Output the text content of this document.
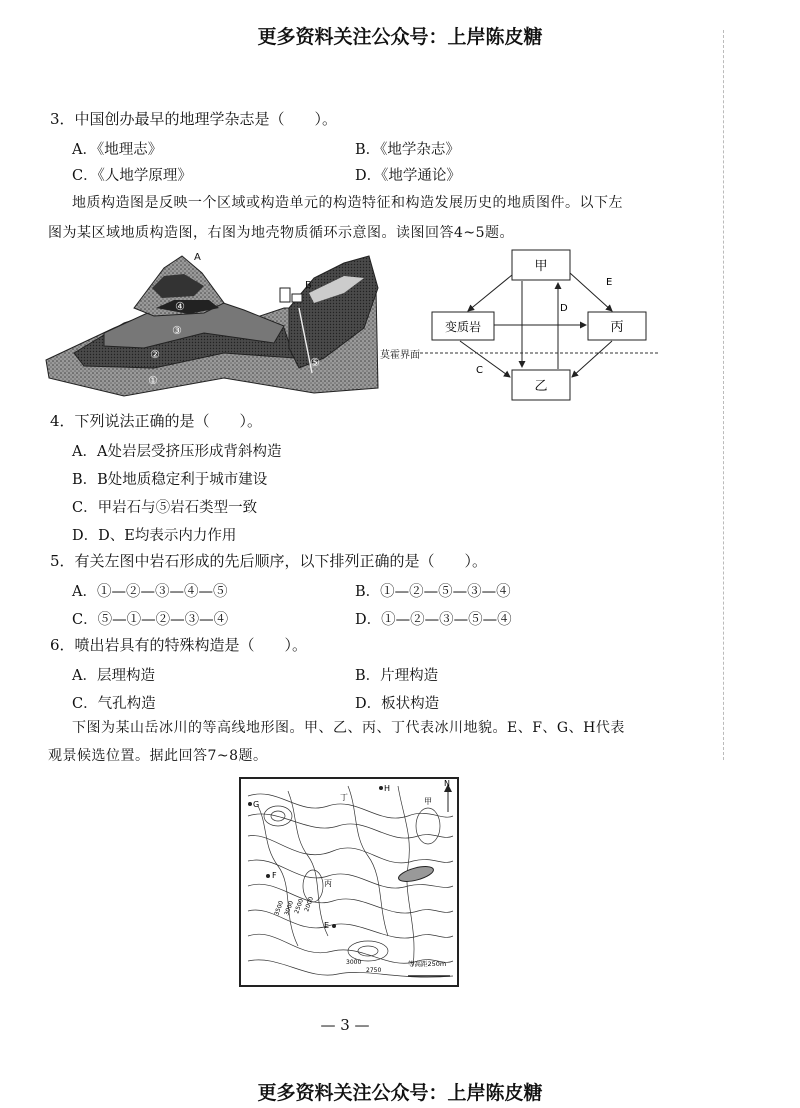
更多资料关注公众号：上岸陈皮糖
3．中国创办最早的地理学杂志是（　　）。
A．《地理志》	B．《地学杂志》
C．《人地学原理》	D．《地学通论》
地质构造图是反映一个区域或构造单元的构造特征和构造发展历史的地质图件。以下左
图为某区域地质构造图，右图为地壳物质循环示意图。读图回答4~5题。
A
B
④
③
②
①
⑤
甲
变质岩	丙
乙
D
E
C
莫霍界面
4．下列说法正确的是（　　）。
A．A处岩层受挤压形成背斜构造
B．B处地质稳定利于城市建设
C．甲岩石与⑤岩石类型一致
D．D、E均表示内力作用
5．有关左图中岩石形成的先后顺序，以下排列正确的是（　　）。
A．①—②—③—④—⑤	B．①—②—⑤—③—④
C．⑤—①—②—③—④	D．①—②—③—⑤—④
6．喷出岩具有的特殊构造是（　　）。
A．层理构造	B．片理构造
C．气孔构造	D．板状构造
下图为某山岳冰川的等高线地形图。甲、乙、丙、丁代表冰川地貌。E、F、G、H代表
观景候选位置。据此回答7~8题。
N
G
H
F
E
甲
丙
丁
3500
3000
2500
2000
3000
2750
等高距250m
— 3 —
更多资料关注公众号：上岸陈皮糖
